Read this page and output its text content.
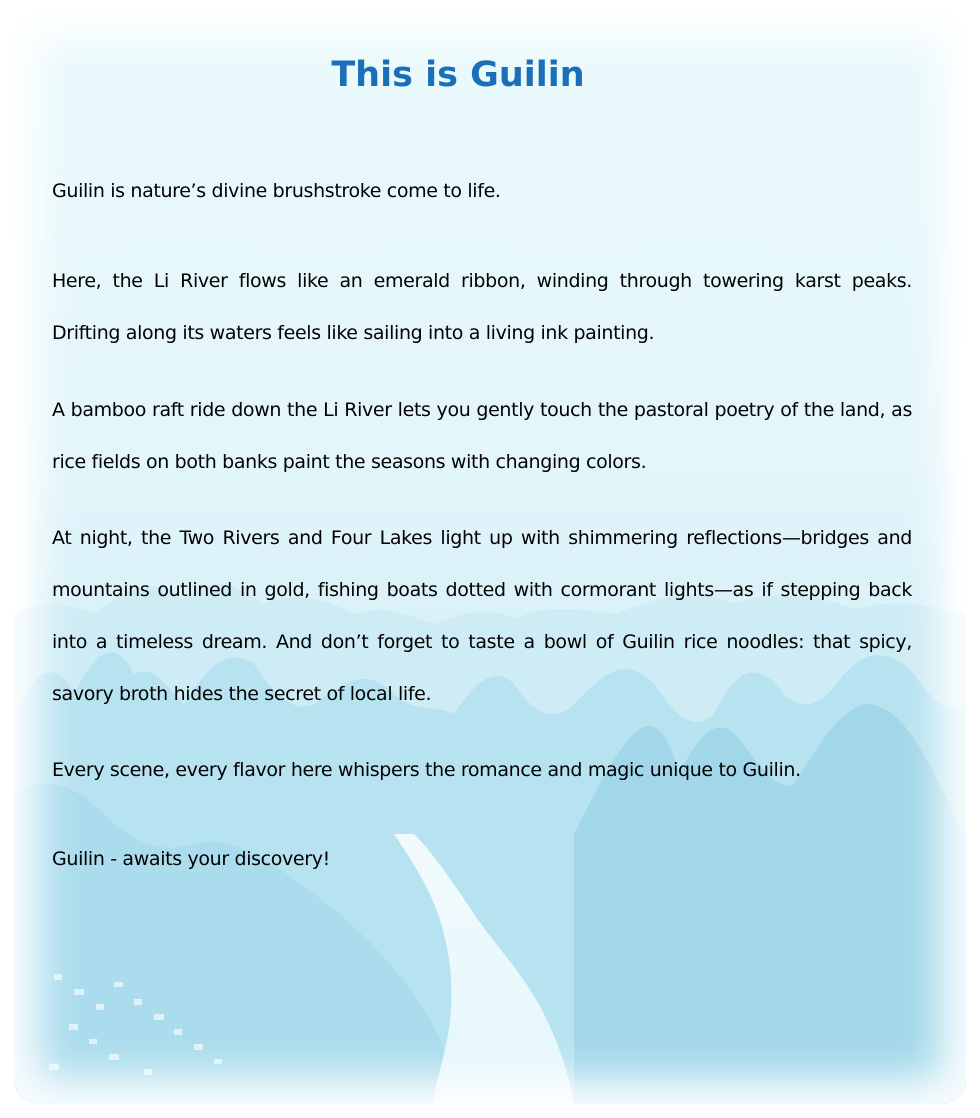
This is Guilin

Guilin is nature’s divine brushstroke come to life.

Here, the Li River flows like an emerald ribbon, winding through towering karst peaks. Drifting along its waters feels like sailing into a living ink painting.

A bamboo raft ride down the Li River lets you gently touch the pastoral poetry of the land, as rice fields on both banks paint the seasons with changing colors.

At night, the Two Rivers and Four Lakes light up with shimmering reflections—bridges and mountains outlined in gold, fishing boats dotted with cormorant lights—as if stepping back into a timeless dream. And don’t forget to taste a bowl of Guilin rice noodles: that spicy, savory broth hides the secret of local life.

Every scene, every flavor here whispers the romance and magic unique to Guilin.

Guilin - awaits your discovery!
